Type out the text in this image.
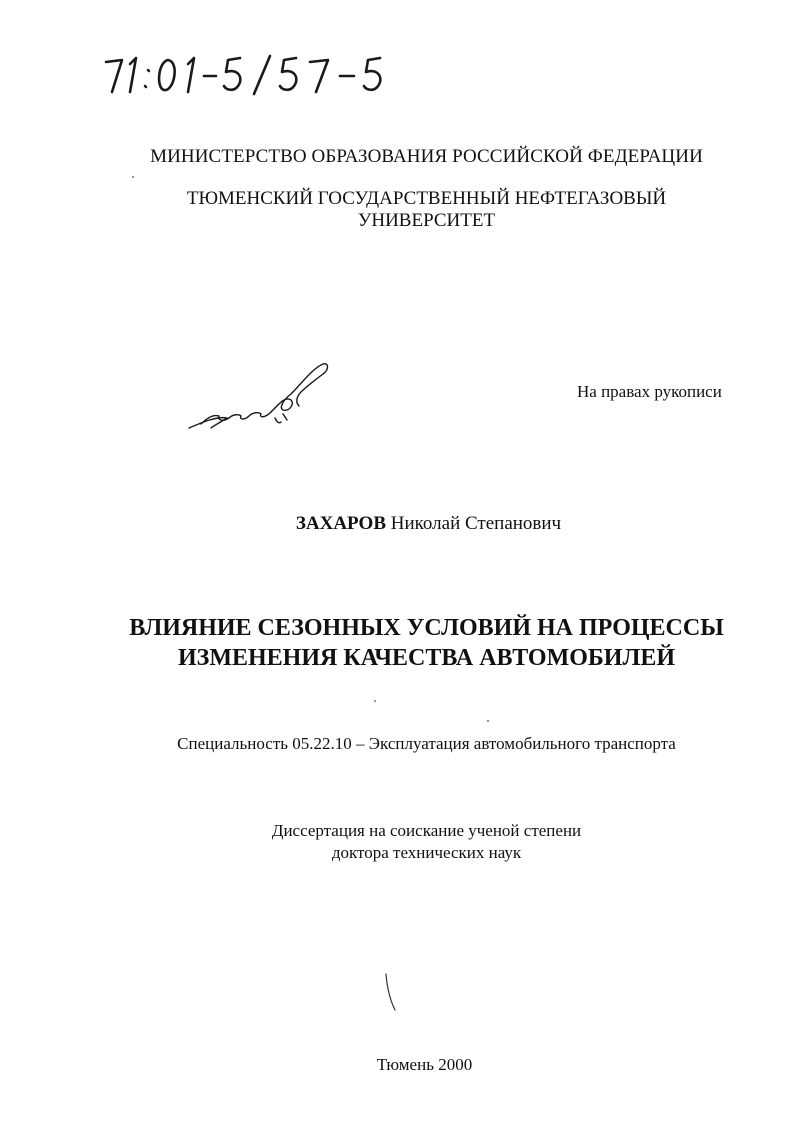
МИНИСТЕРСТВО ОБРАЗОВАНИЯ РОССИЙСКОЙ ФЕДЕРАЦИИ
ТЮМЕНСКИЙ ГОСУДАРСТВЕННЫЙ НЕФТЕГАЗОВЫЙ
УНИВЕРСИТЕТ
На правах рукописи
ЗАХАРОВ Николай Степанович
ВЛИЯНИЕ СЕЗОННЫХ УСЛОВИЙ НА ПРОЦЕССЫ
ИЗМЕНЕНИЯ КАЧЕСТВА АВТОМОБИЛЕЙ
Специальность 05.22.10 – Эксплуатация автомобильного транспорта
Диссертация на соискание ученой степени
доктора технических наук
Тюмень 2000
